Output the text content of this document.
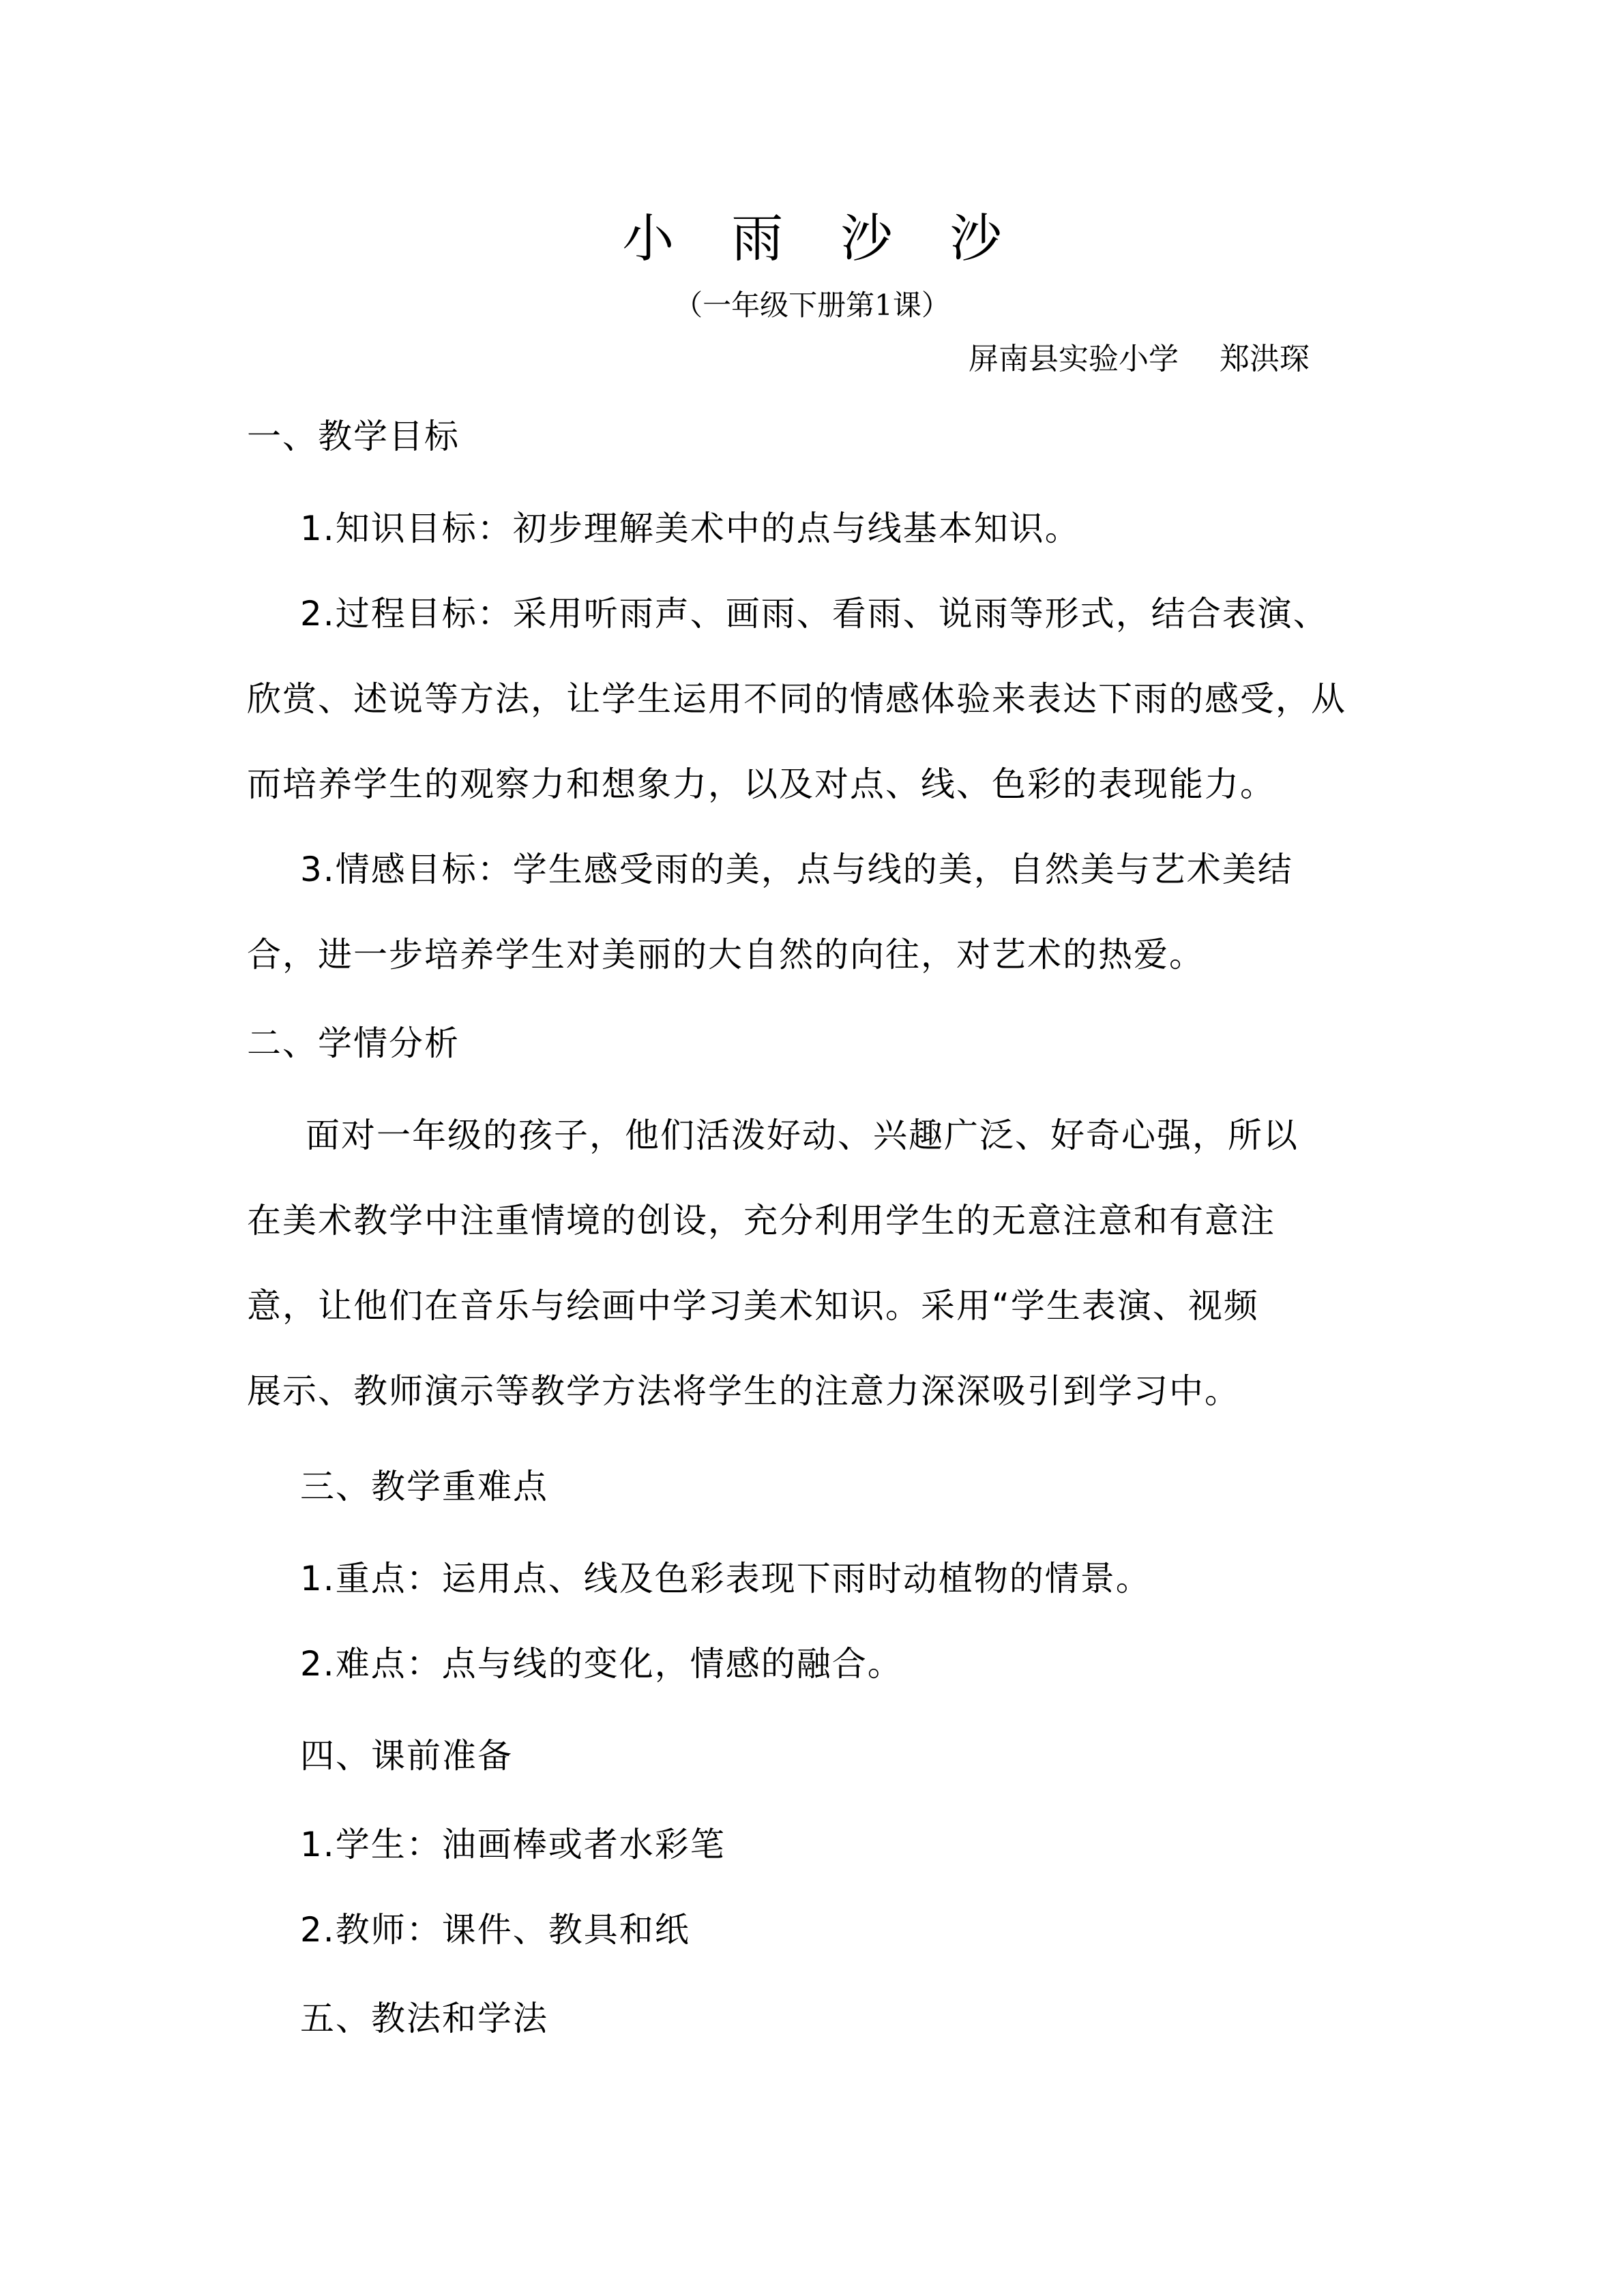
小 雨 沙 沙
（一年级下册第1课）
屏南县实验小学 郑洪琛
一、教学目标
1.知识目标：初步理解美术中的点与线基本知识。
2.过程目标：采用听雨声、画雨、看雨、说雨等形式，结合表演、
欣赏、述说等方法，让学生运用不同的情感体验来表达下雨的感受，从
而培养学生的观察力和想象力，以及对点、线、色彩的表现能力。
3.情感目标：学生感受雨的美，点与线的美，自然美与艺术美结
合，进一步培养学生对美丽的大自然的向往，对艺术的热爱。
二、学情分析
面对一年级的孩子，他们活泼好动、兴趣广泛、好奇心强，所以
在美术教学中注重情境的创设，充分利用学生的无意注意和有意注
意，让他们在音乐与绘画中学习美术知识。采用“学生表演、视频
展示、教师演示等教学方法将学生的注意力深深吸引到学习中。
三、教学重难点
1.重点：运用点、线及色彩表现下雨时动植物的情景。
2.难点：点与线的变化，情感的融合。
四、课前准备
1.学生：油画棒或者水彩笔
2.教师：课件、教具和纸
五、教法和学法
